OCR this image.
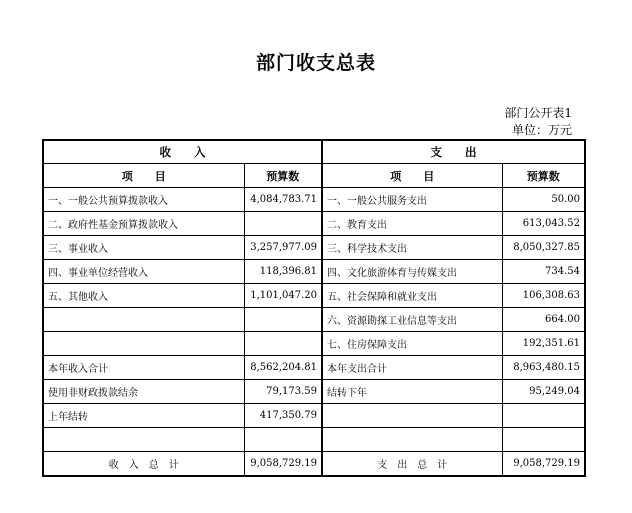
部门收支总表
部门公开表1
单位：万元
收　　入		支　　出	
项　　目	预算数	项　　目	预算数
一、一般公共预算拨款收入	4,084,783.71	一、一般公共服务支出	50.00
二、政府性基金预算拨款收入		二、教育支出	613,043.52
三、事业收入	3,257,977.09	三、科学技术支出	8,050,327.85
四、事业单位经营收入	118,396.81	四、文化旅游体育与传媒支出	734.54
五、其他收入	1,101,047.20	五、社会保障和就业支出	106,308.63
		六、资源勘探工业信息等支出	664.00
		七、住房保障支出	192,351.61
本年收入合计	8,562,204.81	本年支出合计	8,963,480.15
使用非财政拨款结余	79,173.59	结转下年	95,249.04
上年结转	417,350.79		

收　入　总　计	9,058,729.19	支　出　总　计	9,058,729.19
